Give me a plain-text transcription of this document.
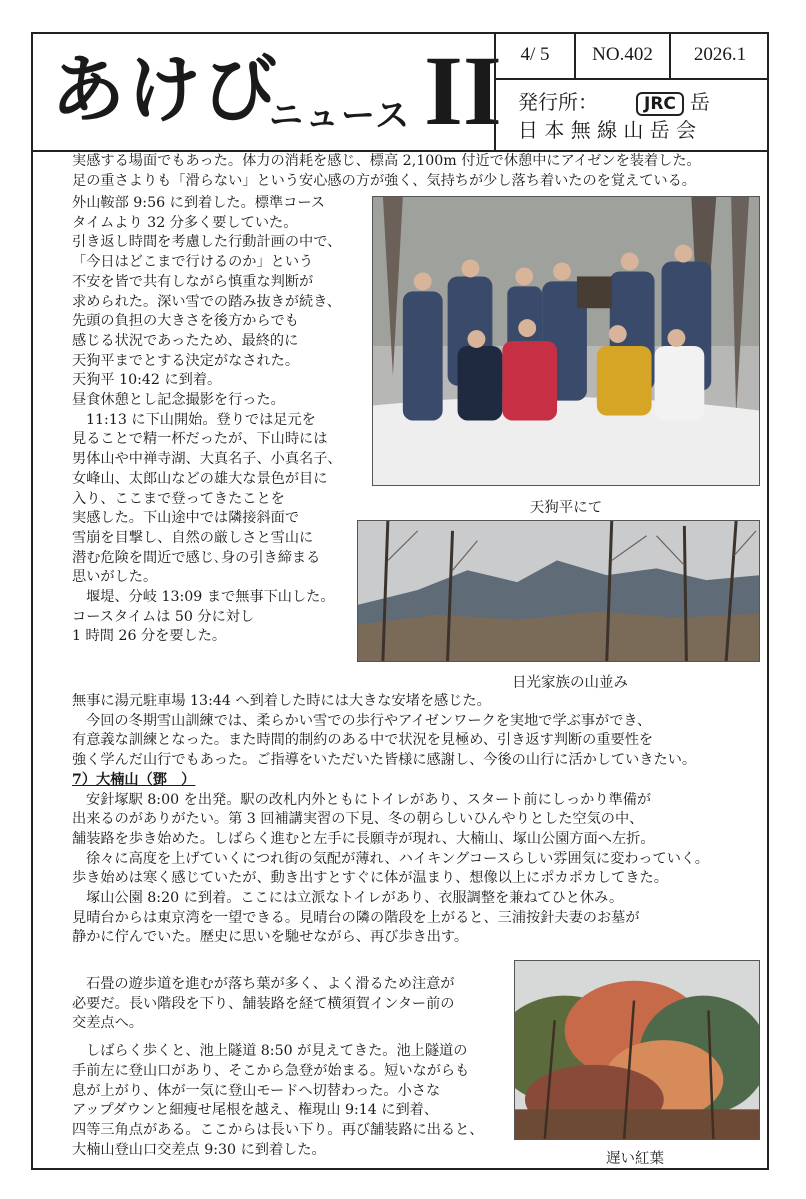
あけび
ニュース II 4/ 5	NO.402	2026.1
発行所：	JRC 岳
日 本 無 線 山 岳 会
実感する場面でもあった。体力の消耗を感じ、標高 2,100m 付近で休憩中にアイゼンを装着した。
足の重さよりも「滑らない」という安心感の方が強く、気持ちが少し落ち着いたのを覚えている。
外山鞍部 9:56 に到着した。標準コース
タイムより 32 分多く要していた。
引き返し時間を考慮した行動計画の中で、
「今日はどこまで行けるのか」という
不安を皆で共有しながら慎重な判断が
求められた。深い雪での踏み抜きが続き、
先頭の負担の大きさを後方からでも
感じる状況であったため、最終的に
天狗平までとする決定がなされた。
天狗平 10:42 に到着。
昼食休憩とし記念撮影を行った。
11:13 に下山開始。登りでは足元を
見ることで精一杯だったが、下山時には
男体山や中禅寺湖、大真名子、小真名子、
女峰山、太郎山などの雄大な景色が目に
入り、ここまで登ってきたことを
実感した。下山途中では隣接斜面で
雪崩を目撃し、自然の厳しさと雪山に
潜む危険を間近で感じ､身の引き締まる
思いがした。
堰堤、分岐 13:09 まで無事下山した。
コースタイムは 50 分に対し
1 時間 26 分を要した。
天狗平にて
日光家族の山並み
無事に湯元駐車場 13:44 へ到着した時には大きな安堵を感じた。
今回の冬期雪山訓練では、柔らかい雪での歩行やアイゼンワークを実地で学ぶ事ができ、
有意義な訓練となった。また時間的制約のある中で状況を見極め、引き返す判断の重要性を
強く学んだ山行でもあった。ご指導をいただいた皆様に感謝し、今後の山行に活かしていきたい。
7）大楠山（鄧　）
安針塚駅 8:00 を出発。駅の改札内外ともにトイレがあり、スタート前にしっかり準備が
出来るのがありがたい。第 3 回補講実習の下見、冬の朝らしいひんやりとした空気の中、
舗装路を歩き始めた。しばらく進むと左手に長願寺が現れ、大楠山、塚山公園方面へ左折。
徐々に高度を上げていくにつれ街の気配が薄れ、ハイキングコースらしい雰囲気に変わっていく。
歩き始めは寒く感じていたが、動き出すとすぐに体が温まり、想像以上にポカポカしてきた。
塚山公園 8:20 に到着。ここには立派なトイレがあり、衣服調整を兼ねてひと休み。
見晴台からは東京湾を一望できる。見晴台の隣の階段を上がると、三浦按針夫妻のお墓が
静かに佇んでいた。歴史に思いを馳せながら、再び歩き出す。
石畳の遊歩道を進むが落ち葉が多く、よく滑るため注意が
必要だ。長い階段を下り、舗装路を経て横須賀インター前の
交差点へ。
しばらく歩くと、池上隧道 8:50 が見えてきた。池上隧道の
手前左に登山口があり、そこから急登が始まる。短いながらも
息が上がり、体が一気に登山モードへ切替わった。小さな
アップダウンと細痩せ尾根を越え、権現山 9:14 に到着、
四等三角点がある。ここからは長い下り。再び舗装路に出ると、
大楠山登山口交差点 9:30 に到着した。
遅い紅葉
